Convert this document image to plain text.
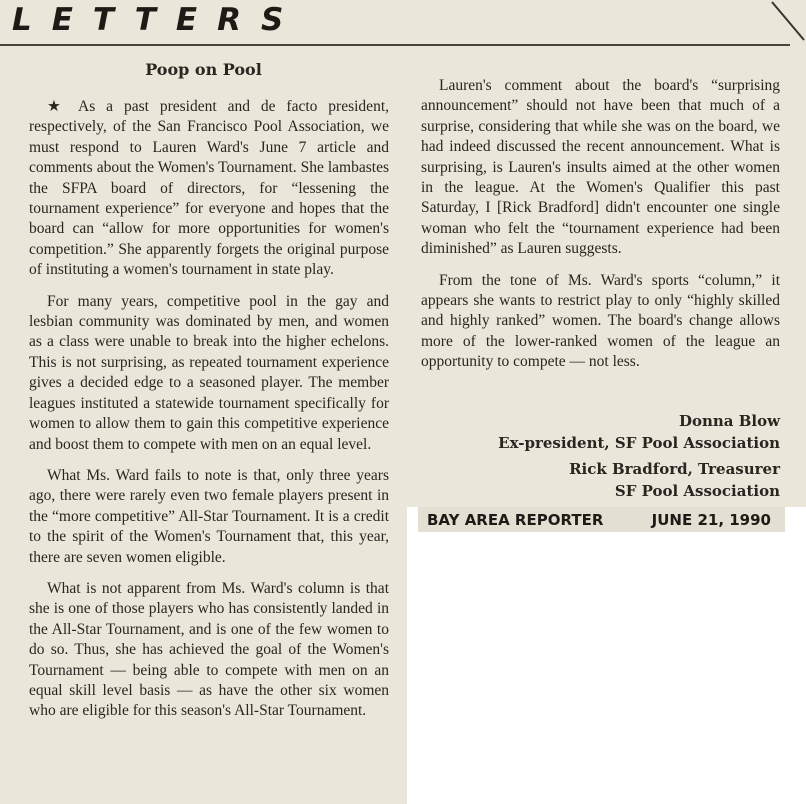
LETTERS
Poop on Pool

★ As a past president and de facto president, respectively, of the San Francisco Pool Association, we must respond to Lauren Ward's June 7 article and comments about the Women's Tournament. She lambastes the SFPA board of directors, for “lessening the tournament experience” for everyone and hopes that the board can “allow for more opportunities for women's competition.” She apparently forgets the original purpose of instituting a women's tournament in state play.

For many years, competitive pool in the gay and lesbian community was dominated by men, and women as a class were unable to break into the higher echelons. This is not surprising, as repeated tournament experience gives a decided edge to a seasoned player. The member leagues instituted a statewide tournament specifically for women to allow them to gain this competitive experience and boost them to compete with men on an equal level.

What Ms. Ward fails to note is that, only three years ago, there were rarely even two female players present in the “more competitive” All-Star Tournament. It is a credit to the spirit of the Women's Tournament that, this year, there are seven women eligible.

What is not apparent from Ms. Ward's column is that she is one of those players who has consistently landed in the All-Star Tournament, and is one of the few women to do so. Thus, she has achieved the goal of the Women's Tournament — being able to compete with men on an equal skill level basis — as have the other six women who are eligible for this season's All-Star Tournament.

Lauren's comment about the board's “surprising announcement” should not have been that much of a surprise, considering that while she was on the board, we had indeed discussed the recent announcement. What is surprising, is Lauren's insults aimed at the other women in the league. At the Women's Qualifier this past Saturday, I [Rick Bradford] didn't encounter one single woman who felt the “tournament experience had been diminished” as Lauren suggests.

From the tone of Ms. Ward's sports “column,” it appears she wants to restrict play to only “highly skilled and highly ranked” women. The board's change allows more of the lower-ranked women of the league an opportunity to compete — not less.

Donna Blow
Ex-president, SF Pool Association
Rick Bradford, Treasurer
SF Pool Association
BAY AREA REPORTER	JUNE 21, 1990
